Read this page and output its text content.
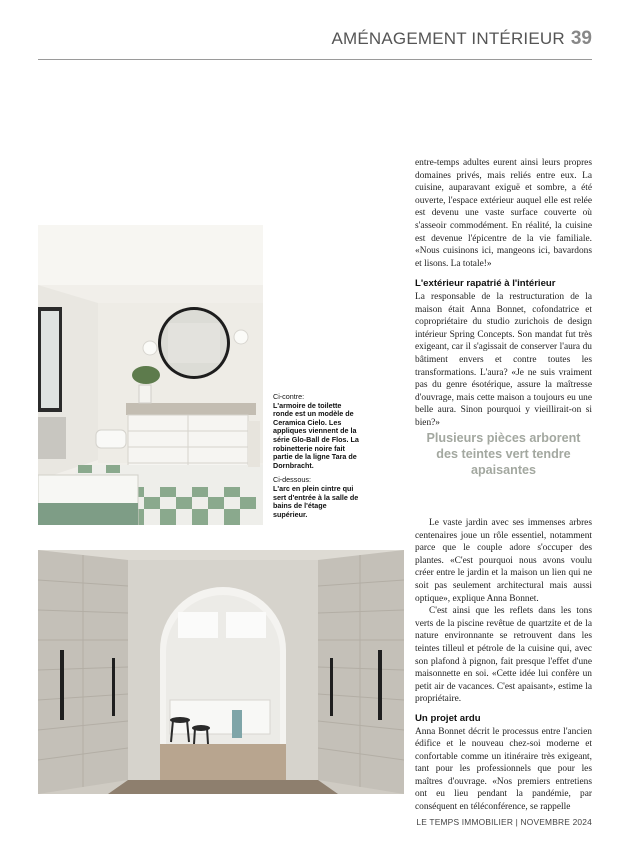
AMÉNAGEMENT INTÉRIEUR 39
Ci-contre:
L'armoire de toilette ronde est un modèle de Ceramica Cielo. Les appliques viennent de la série Glo-Ball de Flos. La robinetterie noire fait partie de la ligne Tara de Dornbracht.
Ci-dessous:
L'arc en plein cintre qui sert d'entrée à la salle de bains de l'étage supérieur.

entre-temps adultes eurent ainsi leurs propres domaines privés, mais reliés entre eux. La cuisine, auparavant exiguë et sombre, a été ouverte, l'espace extérieur auquel elle est relée est devenu une vaste surface couverte où s'asseoir commodément. En réalité, la cuisine est devenue l'épicentre de la vie familiale. «Nous cuisinons ici, mangeons ici, bavardons et lisons. La totale!»

L'extérieur rapatrié à l'intérieur

La responsable de la restructuration de la maison était Anna Bonnet, cofondatrice et copropriétaire du studio zurichois de design intérieur Spring Concepts. Son mandat fut très exigeant, car il s'agissait de conserver l'aura du bâtiment envers et contre toutes les transformations. L'aura? «Je ne suis vraiment pas du genre ésotérique, assure la maîtresse d'ouvrage, mais cette maison a toujours eu une belle aura. Sinon pourquoi y vieillirait-on si bien?»

Plusieurs pièces arborent des teintes vert tendre apaisantes

Le vaste jardin avec ses immenses arbres centenaires joue un rôle essentiel, notamment parce que le couple adore s'occuper des plantes. «C'est pourquoi nous avons voulu créer entre le jardin et la maison un lien qui ne soit pas seulement architectural mais aussi optique», explique Anna Bonnet.

C'est ainsi que les reflets dans les tons verts de la piscine revêtue de quartzite et de la nature environnante se retrouvent dans les teintes tilleul et pétrole de la cuisine qui, avec son plafond à pignon, fait presque l'effet d'une maisonnette en soi. «Cette idée lui confère un petit air de vacances. C'est apaisant», estime la propriétaire.

Un projet ardu

Anna Bonnet décrit le processus entre l'ancien édifice et le nouveau chez-soi moderne et confortable comme un itinéraire très exigeant, tant pour les professionnels que pour les maîtres d'ouvrage. «Nos premiers entretiens ont eu lieu pendant la pandémie, par conséquent en téléconférence, se rappelle

LE TEMPS IMMOBILIER | NOVEMBRE 2024
